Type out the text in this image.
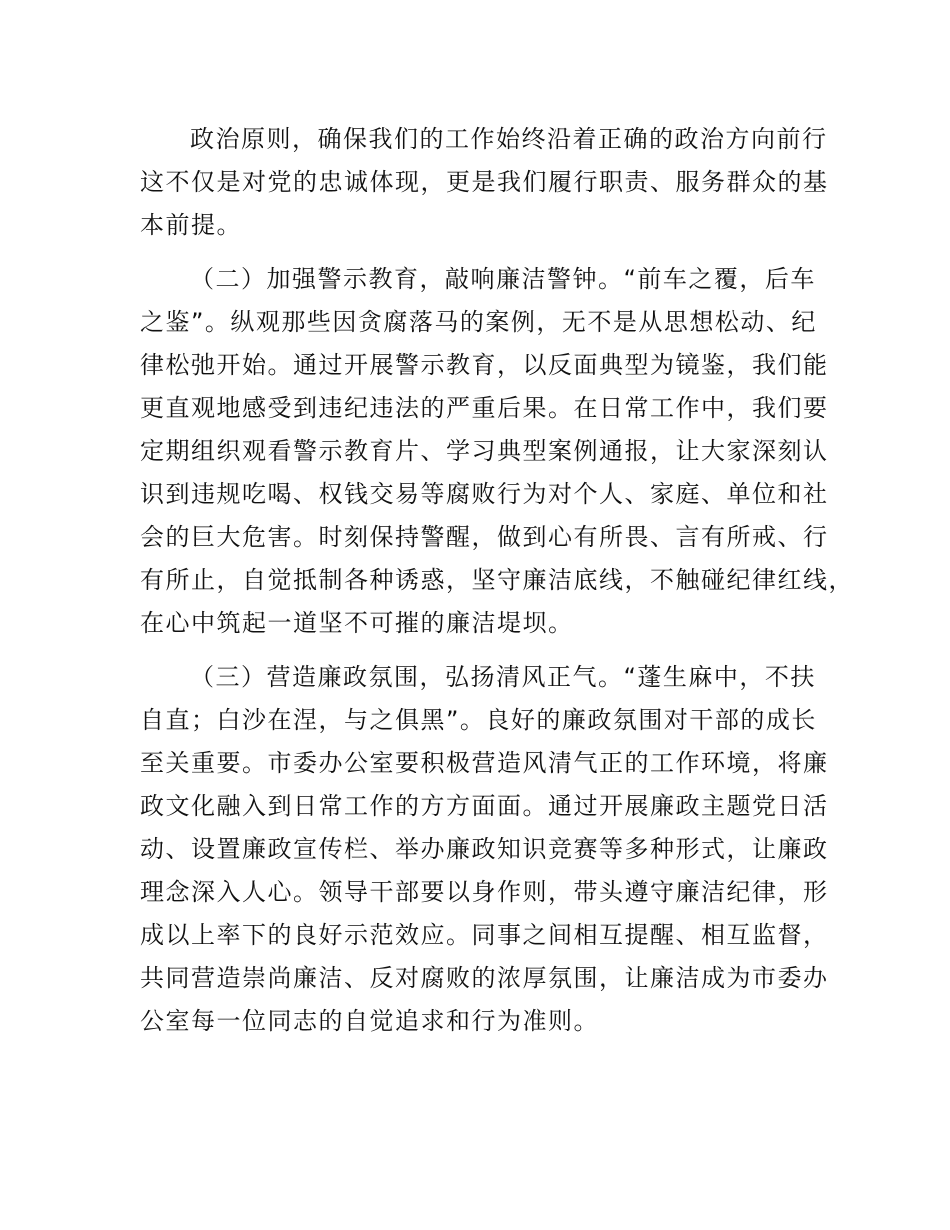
政治原则，确保我们的工作始终沿着正确的政治方向前行
这不仅是对党的忠诚体现，更是我们履行职责、服务群众的基
本前提。
（二）加强警示教育，敲响廉洁警钟。“前车之覆，后车
之鉴”。纵观那些因贪腐落马的案例，无不是从思想松动、纪
律松弛开始。通过开展警示教育，以反面典型为镜鉴，我们能
更直观地感受到违纪违法的严重后果。在日常工作中，我们要
定期组织观看警示教育片、学习典型案例通报，让大家深刻认
识到违规吃喝、权钱交易等腐败行为对个人、家庭、单位和社
会的巨大危害。时刻保持警醒，做到心有所畏、言有所戒、行
有所止，自觉抵制各种诱惑，坚守廉洁底线，不触碰纪律红线，
在心中筑起一道坚不可摧的廉洁堤坝。
（三）营造廉政氛围，弘扬清风正气。“蓬生麻中，不扶
自直；白沙在涅，与之俱黑”。良好的廉政氛围对干部的成长
至关重要。市委办公室要积极营造风清气正的工作环境，将廉
政文化融入到日常工作的方方面面。通过开展廉政主题党日活
动、设置廉政宣传栏、举办廉政知识竞赛等多种形式，让廉政
理念深入人心。领导干部要以身作则，带头遵守廉洁纪律，形
成以上率下的良好示范效应。同事之间相互提醒、相互监督，
共同营造崇尚廉洁、反对腐败的浓厚氛围，让廉洁成为市委办
公室每一位同志的自觉追求和行为准则。
